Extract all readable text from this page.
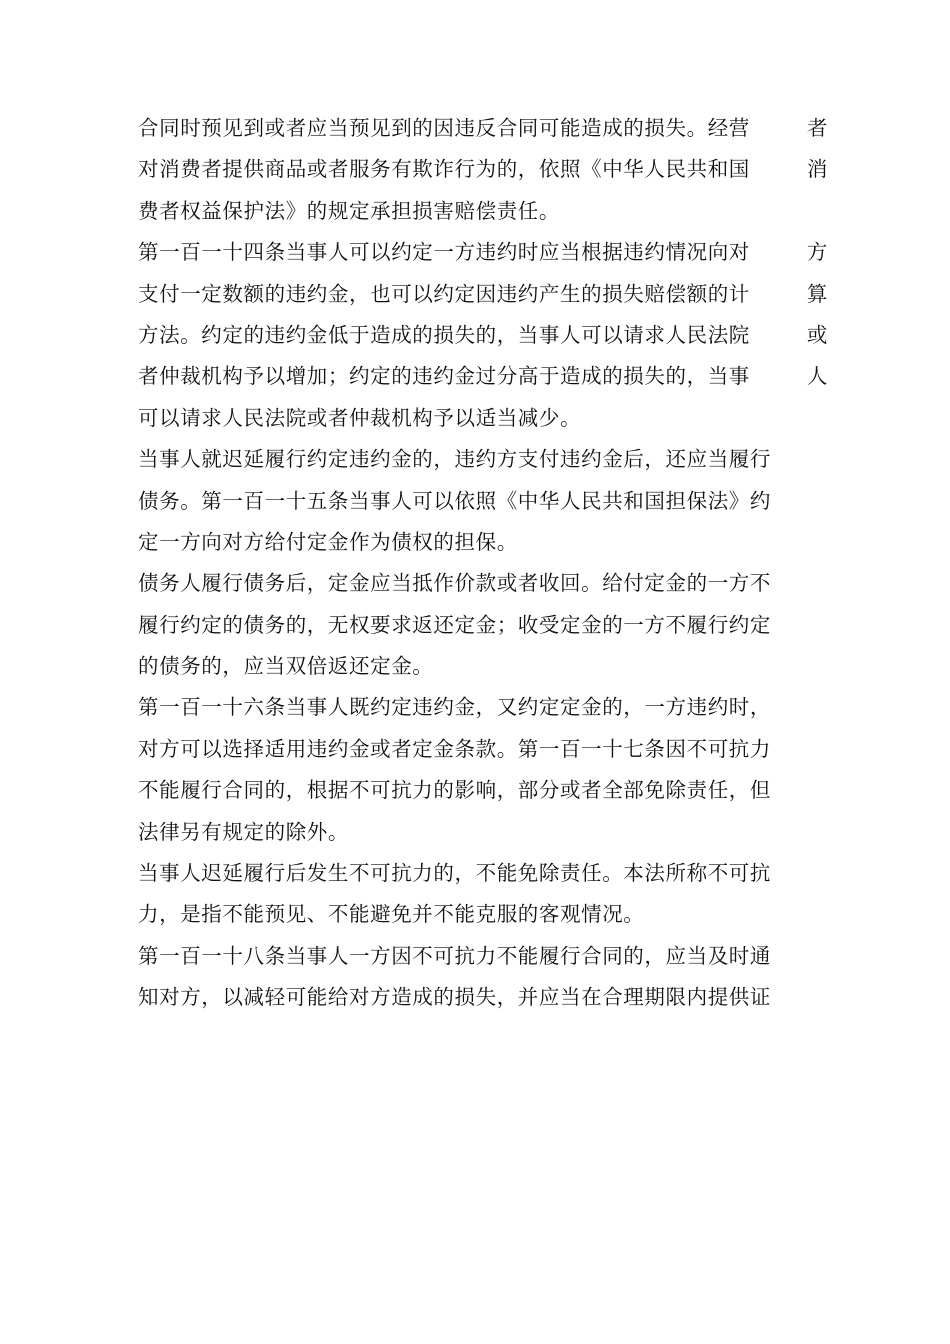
合同时预见到或者应当预见到的因违反合同可能造成的损失。经营	者
对消费者提供商品或者服务有欺诈行为的，依照《中华人民共和国	消
费者权益保护法》的规定承担损害赔偿责任。
第一百一十四条当事人可以约定一方违约时应当根据违约情况向对	方
支付一定数额的违约金，也可以约定因违约产生的损失赔偿额的计	算
方法。约定的违约金低于造成的损失的，当事人可以请求人民法院	或
者仲裁机构予以增加；约定的违约金过分高于造成的损失的，当事	人
可以请求人民法院或者仲裁机构予以适当减少。
当事人就迟延履行约定违约金的，违约方支付违约金后，还应当履行
债务。第一百一十五条当事人可以依照《中华人民共和国担保法》约
定一方向对方给付定金作为债权的担保。
债务人履行债务后，定金应当抵作价款或者收回。给付定金的一方不
履行约定的债务的，无权要求返还定金；收受定金的一方不履行约定
的债务的，应当双倍返还定金。
第一百一十六条当事人既约定违约金，又约定定金的，一方违约时，
对方可以选择适用违约金或者定金条款。第一百一十七条因不可抗力
不能履行合同的，根据不可抗力的影响，部分或者全部免除责任，但
法律另有规定的除外。
当事人迟延履行后发生不可抗力的，不能免除责任。本法所称不可抗
力，是指不能预见、不能避免并不能克服的客观情况。
第一百一十八条当事人一方因不可抗力不能履行合同的，应当及时通
知对方，以减轻可能给对方造成的损失，并应当在合理期限内提供证
